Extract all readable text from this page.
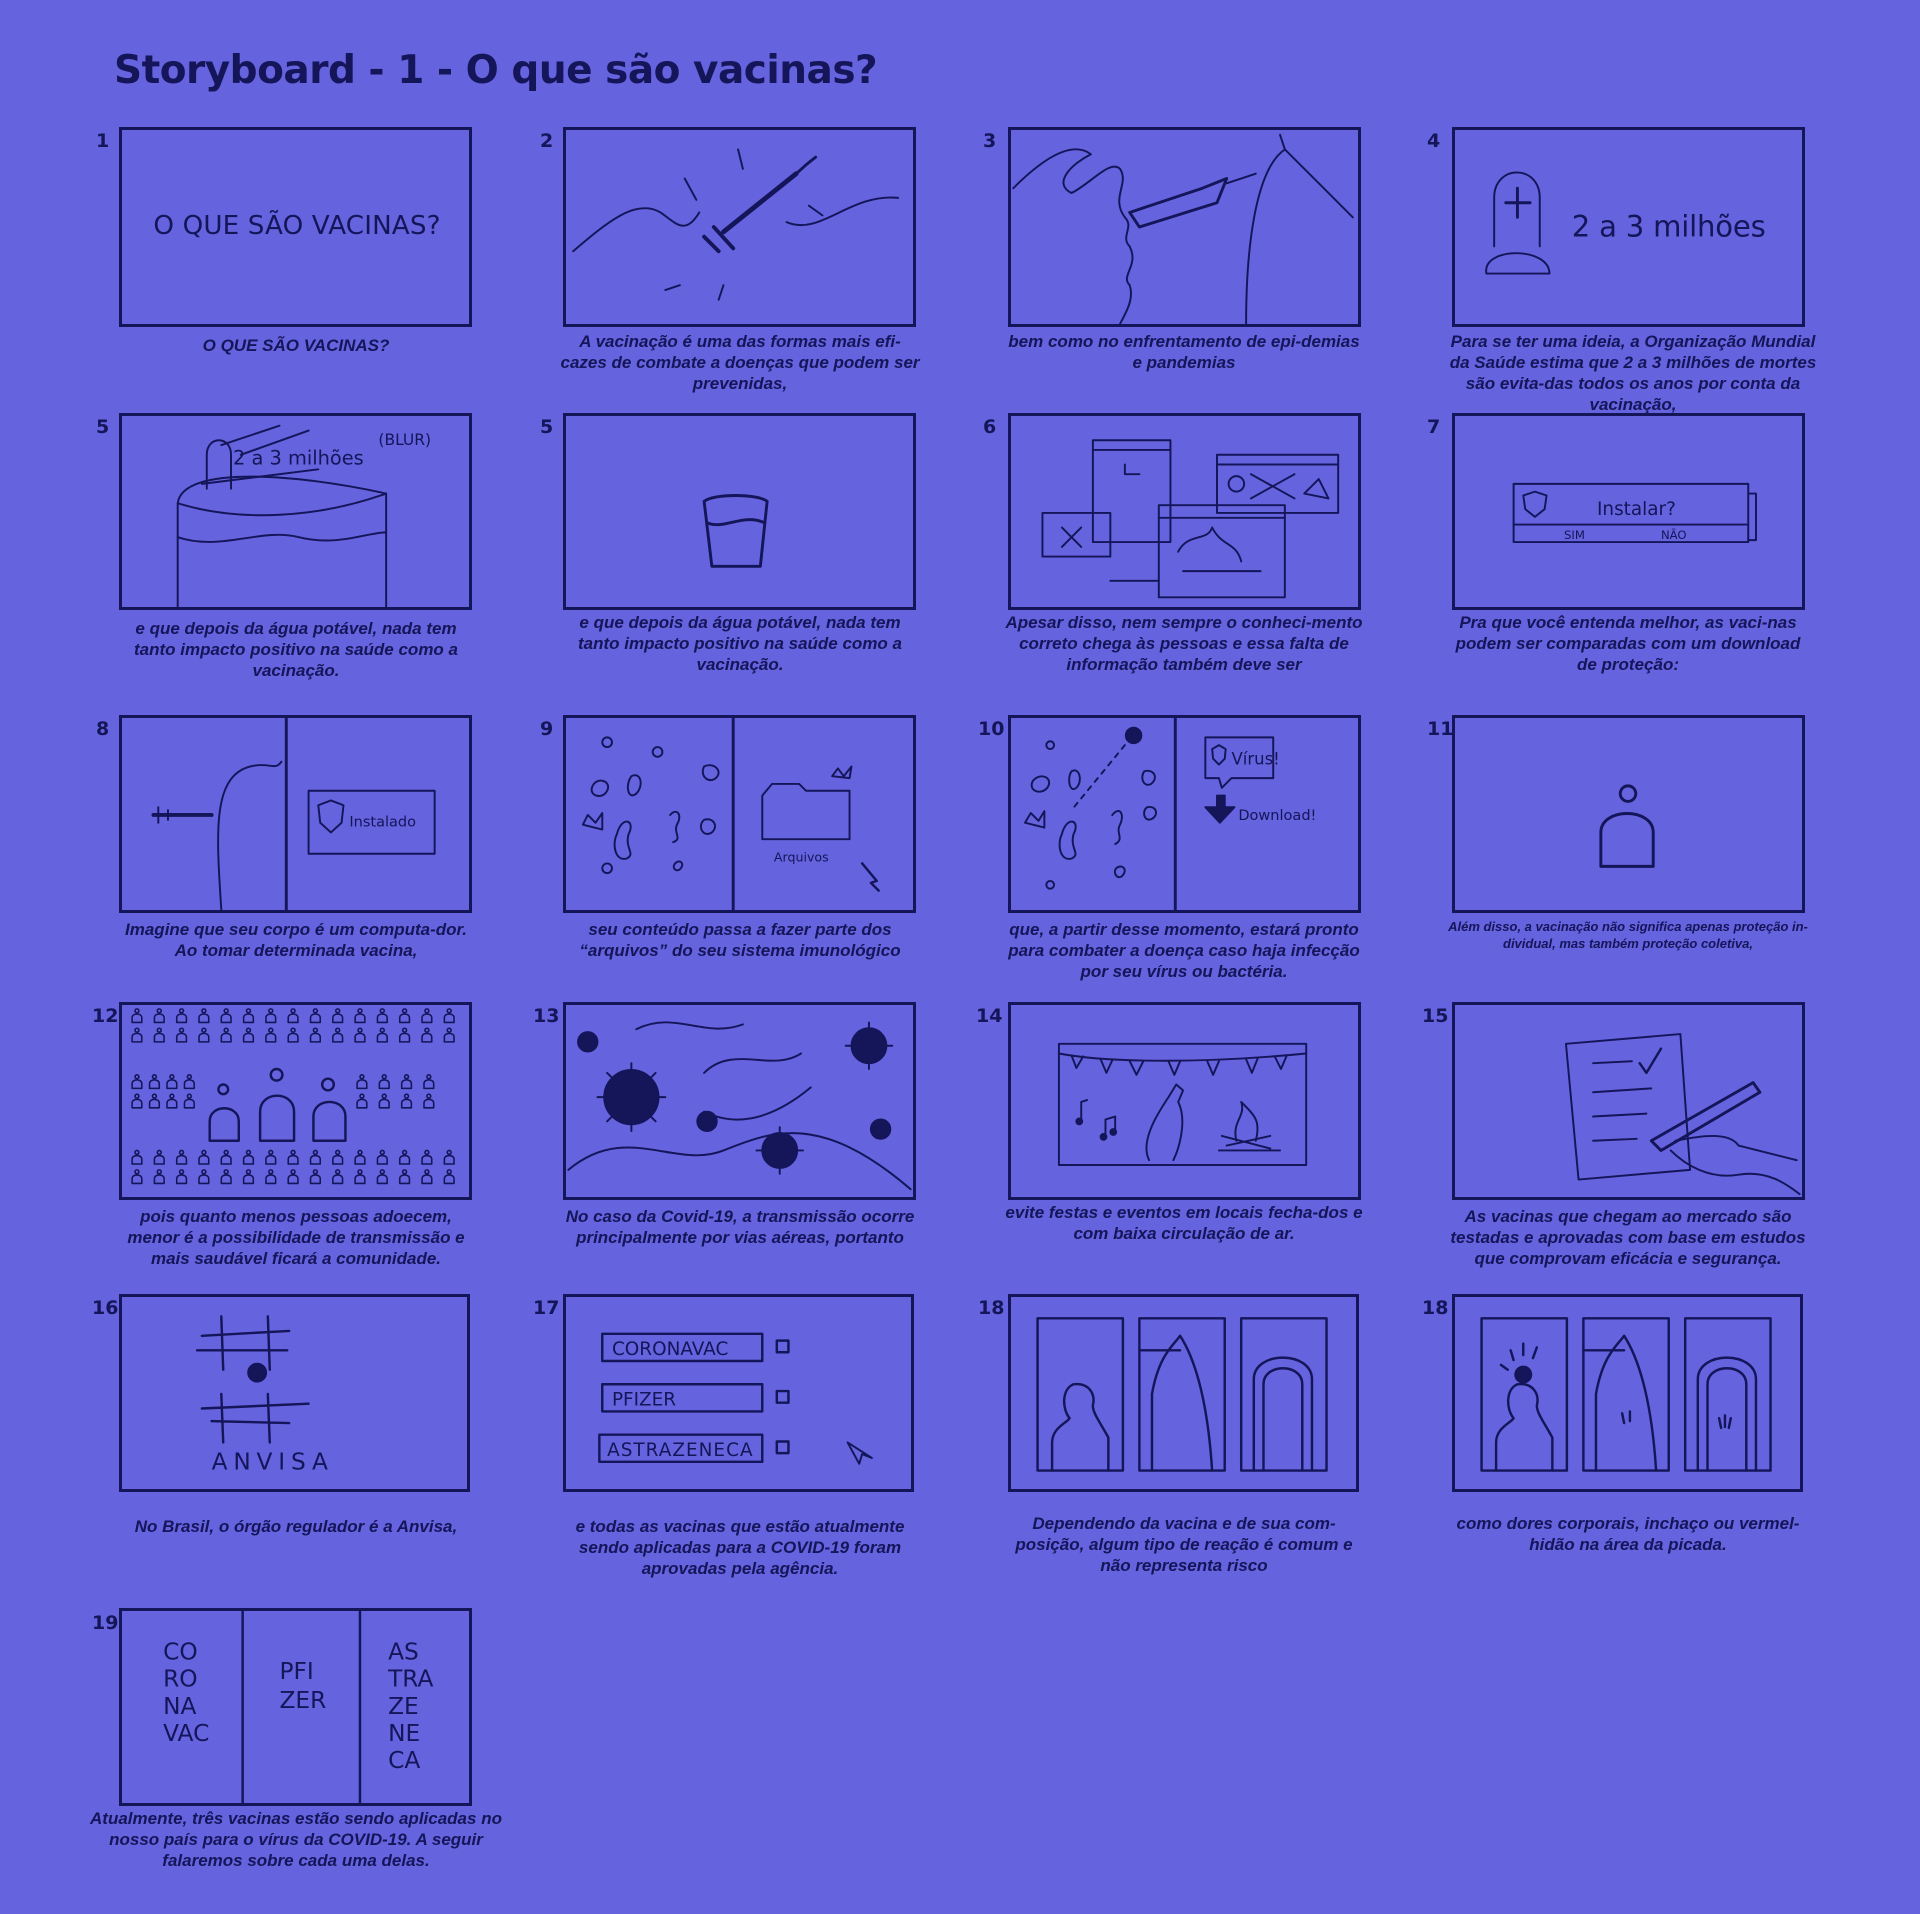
Storyboard - 1 - O que são vacinas?
1
O QUE SÃO VACINAS?
O QUE SÃO VACINAS?
2
A vacinação é uma das formas mais efi-cazes de combate a doenças que podem ser prevenidas,
3
bem como no enfrentamento de epi-demias e pandemias
4
2 a 3 milhões
Para se ter uma ideia, a Organização Mundial da Saúde estima que 2 a 3 milhões de mortes são evita-das todos os anos por conta da vacinação,
5
2 a 3 milhões
(BLUR)
e que depois da água potável, nada tem tanto impacto positivo na saúde como a vacinação.
5
e que depois da água potável, nada tem tanto impacto positivo na saúde como a vacinação.
6
Apesar disso, nem sempre o conheci-mento correto chega às pessoas e essa falta de informação também deve ser
7
Instalar?
SIM	NÃO
Pra que você entenda melhor, as vaci-nas podem ser comparadas com um download de proteção:
8
Instalado
Imagine que seu corpo é um computa-dor. Ao tomar determinada vacina,
9
Arquivos
seu conteúdo passa a fazer parte dos “arquivos” do seu sistema imunológico
10
Vírus!
Download!
que, a partir desse momento, estará pronto para combater a doença caso haja infecção por seu vírus ou bactéria.
11
Além disso, a vacinação não significa apenas proteção in-dividual, mas também proteção coletiva,
12
pois quanto menos pessoas adoecem, menor é a possibilidade de transmissão e mais saudável ficará a comunidade.
13
No caso da Covid-19, a transmissão ocorre principalmente por vias aéreas, portanto
14
evite festas e eventos em locais fecha-dos e com baixa circulação de ar.
15
As vacinas que chegam ao mercado são testadas e aprovadas com base em estudos que comprovam eficácia e segurança.
16
ANVISA
No Brasil, o órgão regulador é a Anvisa,
17
CORONAVAC
PFIZER
ASTRAZENECA
e todas as vacinas que estão atualmente sendo aplicadas para a COVID-19 foram aprovadas pela agência.
18
Dependendo da vacina e de sua com-posição, algum tipo de reação é comum e não representa risco
18
como dores corporais, inchaço ou vermel-hidão na área da picada.
19
CO
RO
NA
VAC
PFI
ZER
AS
TRA
ZE
NE
CA
Atualmente, três vacinas estão sendo aplicadas no nosso país para o vírus da COVID-19. A seguir falaremos sobre cada uma delas.
